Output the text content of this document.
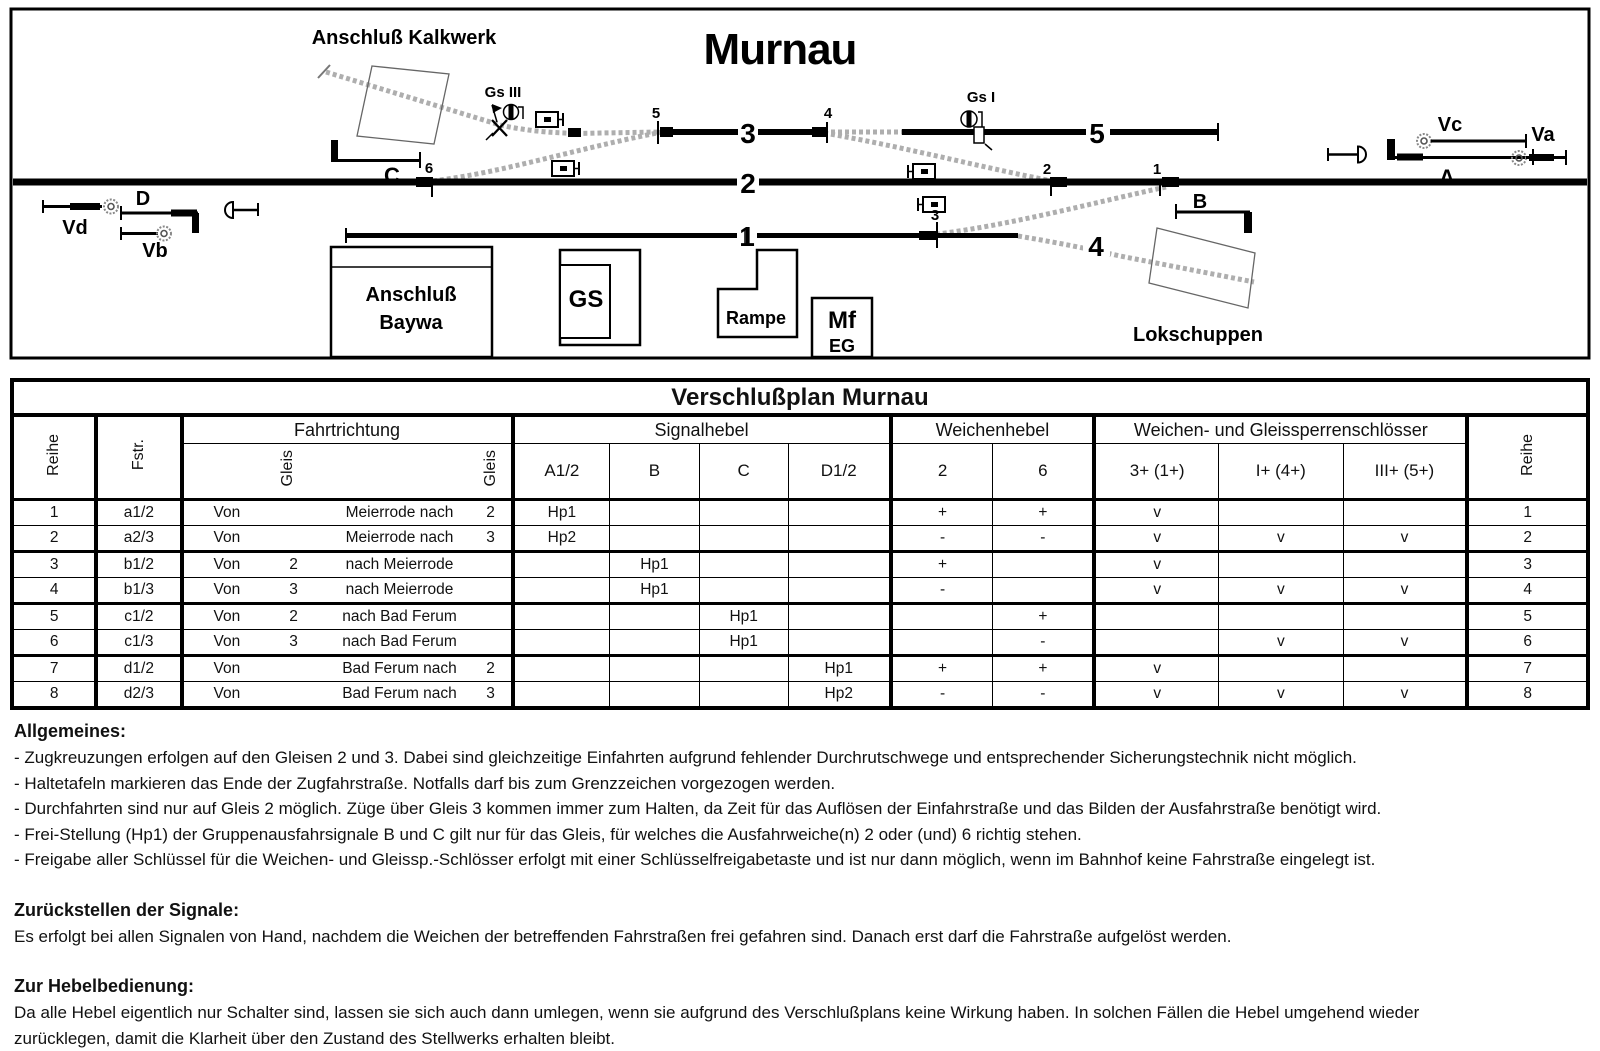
Murnau
Anschluß Kalkwerk
Gs III	Gs I
3
2
1
5
4
5	4
6	2	1
3
C
B
D
A
Vd
Vb
Vc	Va
Anschluß
Baywa
GS
Rampe Mf
EG	Lokschuppen
Verschlußplan Murnau												
Reihe	Fstr.	Fahrtrichtung	Signalhebel				Weichenhebel		Weichen- und Gleissperrenschlösser			Reihe

		Gleis Gleis	A1/2	B	C	D1/2	2	6	3+ (1+)	I+ (4+)	III+ (5+)	
1	a1/2	Von Meierrode nach 2	Hp1				+	+	v			1
2	a2/3	Von Meierrode nach 3	Hp2				-	-	v	v	v	2
3	b1/2	Von 2 nach Meierrode		Hp1			+		v			3
4	b1/3	Von 3 nach Meierrode		Hp1			-		v	v	v	4
5	c1/2	Von 2 nach Bad Ferum			Hp1			+				5
6	c1/3	Von 3 nach Bad Ferum			Hp1			-		v	v	6
7	d1/2	Von Bad Ferum nach 2				Hp1	+	+	v			7
8	d2/3	Von Bad Ferum nach 3				Hp2	-	-	v	v	v	8
Allgemeines:
- Zugkreuzungen erfolgen auf den Gleisen 2 und 3. Dabei sind gleichzeitige Einfahrten aufgrund fehlender Durchrutschwege und entsprechender Sicherungstechnik nicht möglich.
- Haltetafeln markieren das Ende der Zugfahrstraße. Notfalls darf bis zum Grenzzeichen vorgezogen werden.
- Durchfahrten sind nur auf Gleis 2 möglich. Züge über Gleis 3 kommen immer zum Halten, da Zeit für das Auflösen der Einfahrstraße und das Bilden der Ausfahrstraße benötigt wird.
- Frei-Stellung (Hp1) der Gruppenausfahrsignale B und C gilt nur für das Gleis, für welches die Ausfahrweiche(n) 2 oder (und) 6 richtig stehen.
- Freigabe aller Schlüssel für die Weichen- und Gleissp.-Schlösser erfolgt mit einer Schlüsselfreigabetaste und ist nur dann möglich, wenn im Bahnhof keine Fahrstraße eingelegt ist.
Zurückstellen der Signale:
Es erfolgt bei allen Signalen von Hand, nachdem die Weichen der betreffenden Fahrstraßen frei gefahren sind. Danach erst darf die Fahrstraße aufgelöst werden.
Zur Hebelbedienung:
Da alle Hebel eigentlich nur Schalter sind, lassen sie sich auch dann umlegen, wenn sie aufgrund des Verschlußplans keine Wirkung haben. In solchen Fällen die Hebel umgehend wieder zurücklegen, damit die Klarheit über den Zustand des Stellwerks erhalten bleibt.
